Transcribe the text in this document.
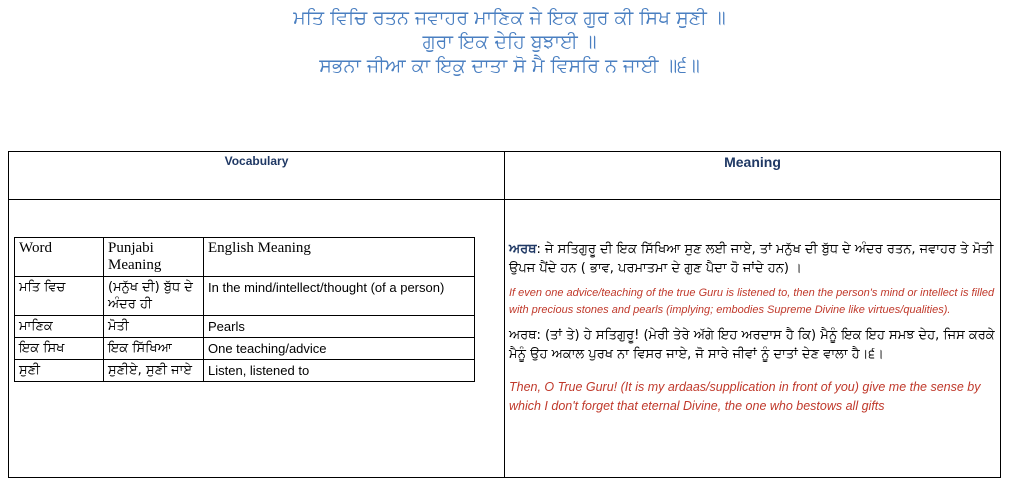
ਮਤਿ ਵਿਚਿ ਰਤਨ ਜਵਾਹਰ ਮਾਣਿਕ ਜੇ ਇਕ ਗੁਰ ਕੀ ਸਿਖ ਸੁਣੀ ॥
ਗੁਰਾ ਇਕ ਦੇਹਿ ਬੁਝਾਈ ॥
ਸਭਨਾ ਜੀਆ ਕਾ ਇਕੁ ਦਾਤਾ ਸੋ ਮੈ ਵਿਸਰਿ ਨ ਜਾਈ ॥੬॥
Vocabulary	Meaning
Word	Punjabi Meaning	English Meaning
ਮਤਿ ਵਿਚ	(ਮਨੁੱਖ ਦੀ) ਬੁੱਧ ਦੇ ਅੰਦਰ ਹੀ	In the mind/intellect/thought (of a person)
ਮਾਣਿਕ	ਮੋਤੀ	Pearls
ਇਕ ਸਿਖ	ਇਕ ਸਿੱਖਿਆ	One teaching/advice
ਸੁਣੀ	ਸੁਣੀਏ, ਸੁਣੀ ਜਾਏ	Listen, listened to

ਅਰਥ: ਜੇ ਸਤਿਗੁਰੂ ਦੀ ਇਕ ਸਿੱਖਿਆ ਸੁਣ ਲਈ ਜਾਏ, ਤਾਂ ਮਨੁੱਖ ਦੀ ਬੁੱਧ ਦੇ ਅੰਦਰ ਰਤਨ, ਜਵਾਹਰ ਤੇ ਮੋਤੀ ਉਪਜ ਪੈਂਦੇ ਹਨ ( ਭਾਵ, ਪਰਮਾਤਮਾ ਦੇ ਗੁਣ ਪੈਦਾ ਹੋ ਜਾਂਦੇ ਹਨ) ।

If even one advice/teaching of the true Guru is listened to, then the person's mind or intellect is filled with precious stones and pearls (implying; embodies Supreme Divine like virtues/qualities).

ਅਰਥ: (ਤਾਂ ਤੇ) ਹੇ ਸਤਿਗੁਰੂ! (ਮੇਰੀ ਤੇਰੇ ਅੱਗੇ ਇਹ ਅਰਦਾਸ ਹੈ ਕਿ) ਮੈਨੂੰ ਇਕ ਇਹ ਸਮਝ ਦੇਹ, ਜਿਸ ਕਰਕੇ ਮੈਨੂੰ ਉਹ ਅਕਾਲ ਪੁਰਖ ਨਾ ਵਿਸਰ ਜਾਏ, ਜੋ ਸਾਰੇ ਜੀਵਾਂ ਨੂੰ ਦਾਤਾਂ ਦੇਣ ਵਾਲਾ ਹੈ।੬।

Then, O True Guru! (It is my ardaas/supplication in front of you) give me the sense by which I don't forget that eternal Divine, the one who bestows all gifts
